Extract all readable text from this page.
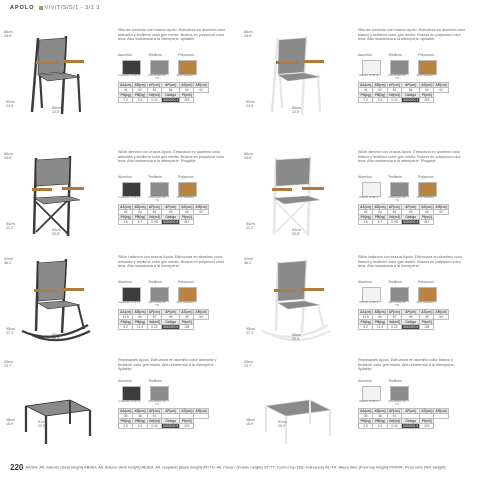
APOLO V/V/T/S/S/1 - 3/1 3
88cm
34.6'
62cm
24.4'	56cm
22.0'
Silla de comedor con brazos Apolo. Estructura en aluminio color antracita y textilene color gris medio. Brazos en polywood color teca. Alta resistencia a la intemperie. Apilable.
Aluminio	Textilene	Polywood
Antracita CI-AN-1	Gris medio 13-TN
Teca Sintético
AA(cm)	AB(cm)	AF(cm)	AP(cm)	AS(cm)	AR(cm)
45	62	62	56	64	52
PN(kg)	PB(kg)	Vol(m3)	Código	Pt(m3)	
7.0	9.0	0.11	3020000 4	262	
88cm
34.6'
62cm
24.4'	56cm
22.0'
Silla de comedor con brazos Apolo. Estructura en aluminio color blanco y textilene color gris medio. Brazos en polywood color teca. Alta resistencia a la intemperie. Apilable.
Aluminio	Textilene	Polywood
Blanco CI-BL-1	Gris medio 13-TN
Teca Sintético
AA(cm)	AB(cm)	AF(cm)	AP(cm)	AS(cm)	AR(cm)
45	62	62	56	64	52
PN(kg)	PB(kg)	Vol(m3)	Código	Pt(m3)	
7.0	9.0	0.11	3020000 3	262	
88cm
34.6'
54cm
21.2'	53cm
20.8'
Sillón director con brazos Apolo. Estructura en aluminio color antracita y textilene color gris medio. Brazos en polywood color teca. Alta resistencia a la intemperie. Plegable.
Aluminio	Textilene	Polywood
Antracita CI-AN-1	Gris medio 13-TN
Teca Sintético
AA(cm)	AB(cm)	AF(cm)	AP(cm)	AS(cm)	AR(cm)
46	54	63	53	46	52
PN(kg)	PB(kg)	Vol(m3)	Código	Pt(m3)	
4.6	5.7	0.08	3020000 8	312	
88cm
34.6'
54cm
21.2'	53cm
20.8'
Sillón director con brazos Apolo. Estructura en aluminio color blanco y textilene color gris medio. Brazos en polywood color teca. Alta resistencia a la intemperie. Plegable.
Aluminio	Textilene	Polywood
Blanco CI-BL-1	Gris medio 13-TN
Teca Sintético
AA(cm)	AB(cm)	AF(cm)	AP(cm)	AS(cm)	AR(cm)
46	54	63	53	46	52
PN(kg)	PB(kg)	Vol(m3)	Código	Pt(m3)	
4.6	5.7	0.08	3020000 4	312	
92cm
36.2'
95cm
37.4'	65cm
25.5'
Sillón balancín con brazos Apolo. Estructura en aluminio color antracita y textilene color gris medio. Brazos en polywood color teca. Alta resistencia a la intemperie.
Aluminio	Textilene	Polywood
Antracita CI-AN-1	Gris medio 13-TN
Teca Sintético
AA(cm)	AB(cm)	AF(cm)	AP(cm)	AS(cm)	AR(cm)
41.5	65	92	95	45	54
PN(kg)	PB(kg)	Vol(m3)	Código	Pt(m3)	
8.2	11.4	0.22	3020000 5	158	
92cm
36.2'
95cm
37.4'	65cm
25.5'
Sillón balancín con brazos Apolo. Estructura en aluminio color blanco y textilene color gris medio. Brazos en polywood color teca. Alta resistencia a la intemperie.
Aluminio	Textilene	Polywood
Blanco CI-BL-1	Gris medio 13-TN
Teca Sintético
AA(cm)	AB(cm)	AF(cm)	AP(cm)	AS(cm)	AR(cm)
41.5	65	92	95	45	54
PN(kg)	PB(kg)	Vol(m3)	Código	Pt(m3)	
8.2	11.4	0.22	3020000 6	158	
35cm
13.7'
48cm
18.9'
51cm
20.0'
Reposapiés Apolo. Estructura en aluminio color antracita y textilene color gris medio. Alta resistencia a la intemperie. Apilable.
Aluminio	Textilene
Antracita CI-AN-1	Gris medio 13-TN
AA(cm)	AB(cm)	AF(cm)	AP(cm)	AS(cm)	AR(cm)
35	48	51			
PN(kg)	PB(kg)	Vol(m3)	Código	Pt(m3)	
2.6	3.4	0.04	3020000 9	329	
35cm
13.7'
48cm
18.9'
51cm
20.0'
Reposapiés Apolo. Estructura en aluminio color blanco y textilene color gris medio. Alta resistencia a la intemperie. Apilable.
Aluminio	Textilene
Blanco CI-BL-1	Gris medio 13-TN
AA(cm)	AB(cm)	AF(cm)	AP(cm)	AS(cm)	AR(cm)
35	48	51			
PN(kg)	PB(kg)	Vol(m3)	Código	Pt(m3)	
2.6	3.4	0.04	3020001 0	329	
220 AA/SH: Alt. asiento (Seat height) AB/AH: Alt. Brazos (Arm height) AE/EH: Alt. respaldo (Back height) AT/TH: Alt. mesa / (Frame height) ST/TT: Corner top (Top Tolerance) AL/TH: Altura libre (Free top height) PN/NW: Peso neto (Net weight)
